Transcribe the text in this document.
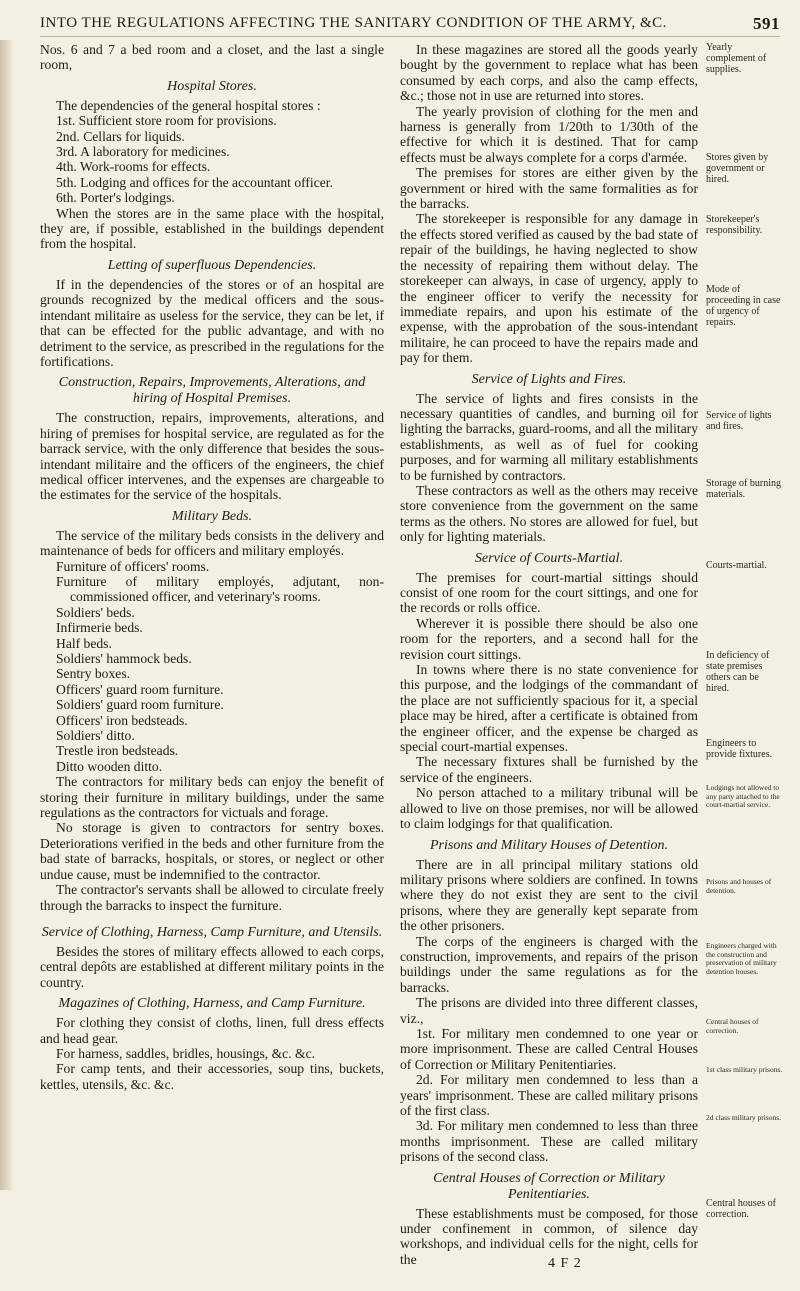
INTO THE REGULATIONS AFFECTING THE SANITARY CONDITION OF THE ARMY, &C.	591

Nos. 6 and 7 a bed room and a closet, and the last a single room,

Hospital Stores.

The dependencies of the general hospital stores :

1st. Sufficient store room for provisions.

2nd. Cellars for liquids.

3rd. A laboratory for medicines.

4th. Work-rooms for effects.

5th. Lodging and offices for the accountant officer.

6th. Porter's lodgings.

When the stores are in the same place with the hospital, they are, if possible, established in the buildings dependent from the hospital.

Letting of superfluous Dependencies.

If in the dependencies of the stores or of an hospital are grounds recognized by the medical officers and the sous-intendant militaire as useless for the service, they can be let, if that can be effected for the public advantage, and with no detriment to the service, as prescribed in the regulations for the fortifications.

Construction, Repairs, Improvements, Alterations, and hiring of Hospital Premises.

The construction, repairs, improvements, alterations, and hiring of premises for hospital service, are regulated as for the barrack service, with the only difference that besides the sous-intendant militaire and the officers of the engineers, the chief medical officer intervenes, and the expenses are chargeable to the estimates for the service of the hospitals.

Military Beds.

The service of the military beds consists in the delivery and maintenance of beds for officers and military employés.

Furniture of officers' rooms.

Furniture of military employés, adjutant, non-commissioned officer, and veterinary's rooms.

Soldiers' beds.

Infirmerie beds.

Half beds.

Soldiers' hammock beds.

Sentry boxes.

Officers' guard room furniture.

Soldiers' guard room furniture.

Officers' iron bedsteads.

Soldiers' ditto.

Trestle iron bedsteads.

Ditto wooden ditto.

The contractors for military beds can enjoy the benefit of storing their furniture in military buildings, under the same regulations as the contractors for victuals and forage.

No storage is given to contractors for sentry boxes. Deteriorations verified in the beds and other furniture from the bad state of barracks, hospitals, or stores, or neglect or other undue cause, must be indemnified to the contractor.

The contractor's servants shall be allowed to circulate freely through the barracks to inspect the furniture.

Service of Clothing, Harness, Camp Furniture, and Utensils.

Besides the stores of military effects allowed to each corps, central depôts are established at different military points in the country.

Magazines of Clothing, Harness, and Camp Furniture.

For clothing they consist of cloths, linen, full dress effects and head gear.

For harness, saddles, bridles, housings, &c. &c.

For camp tents, and their accessories, soup tins, buckets, kettles, utensils, &c. &c.

In these magazines are stored all the goods yearly bought by the government to replace what has been consumed by each corps, and also the camp effects, &c.; those not in use are returned into stores.

The yearly provision of clothing for the men and harness is generally from 1/20th to 1/30th of the effective for which it is destined. That for camp effects must be always complete for a corps d'armée.

The premises for stores are either given by the government or hired with the same formalities as for the barracks.

The storekeeper is responsible for any damage in the effects stored verified as caused by the bad state of repair of the buildings, he having neglected to show the necessity of repairing them without delay. The storekeeper can always, in case of urgency, apply to the engineer officer to verify the necessity for immediate repairs, and upon his estimate of the expense, with the approbation of the sous-intendant militaire, he can proceed to have the repairs made and pay for them.

Service of Lights and Fires.

The service of lights and fires consists in the necessary quantities of candles, and burning oil for lighting the barracks, guard-rooms, and all the military establishments, as well as of fuel for cooking purposes, and for warming all military establishments to be furnished by contractors.

These contractors as well as the others may receive store convenience from the government on the same terms as the others. No stores are allowed for fuel, but only for lighting materials.

Service of Courts-Martial.

The premises for court-martial sittings should consist of one room for the court sittings, and one for the records or rolls office.

Wherever it is possible there should be also one room for the reporters, and a second hall for the revision court sittings.

In towns where there is no state convenience for this purpose, and the lodgings of the commandant of the place are not sufficiently spacious for it, a special place may be hired, after a certificate is obtained from the engineer officer, and the expense be charged as special court-martial expenses.

The necessary fixtures shall be furnished by the service of the engineers.

No person attached to a military tribunal will be allowed to live on those premises, nor will be allowed to claim lodgings for that qualification.

Prisons and Military Houses of Detention.

There are in all principal military stations old military prisons where soldiers are confined. In towns where they do not exist they are sent to the civil prisons, where they are generally kept separate from the other prisoners.

The corps of the engineers is charged with the construction, improvements, and repairs of the prison buildings under the same regulations as for the barracks.

The prisons are divided into three different classes, viz.,

1st. For military men condemned to one year or more imprisonment. These are called Central Houses of Correction or Military Penitentiaries.

2d. For military men condemned to less than a years' imprisonment. These are called military prisons of the first class.

3d. For military men condemned to less than three months imprisonment. These are called military prisons of the second class.

Central Houses of Correction or Military Penitentiaries.

These establishments must be composed, for those under confinement in common, of silence day workshops, and individual cells for the night, cells for the

Yearly complement of supplies.
Stores given by government or hired.
Storekeeper's responsibility.
Mode of proceeding in case of urgency of repairs.
Service of lights and fires.
Storage of burning materials.
Courts-martial.
In deficiency of state premises others can be hired.
Engineers to provide fixtures.
Lodgings not allowed to any party attached to the court-martial service.
Prisons and houses of detention.
Engineers charged with the construction and preservation of military detention houses.
Central houses of correction.
1st class military prisons.
2d class military prisons.
Central houses of correction.
4 F 2
